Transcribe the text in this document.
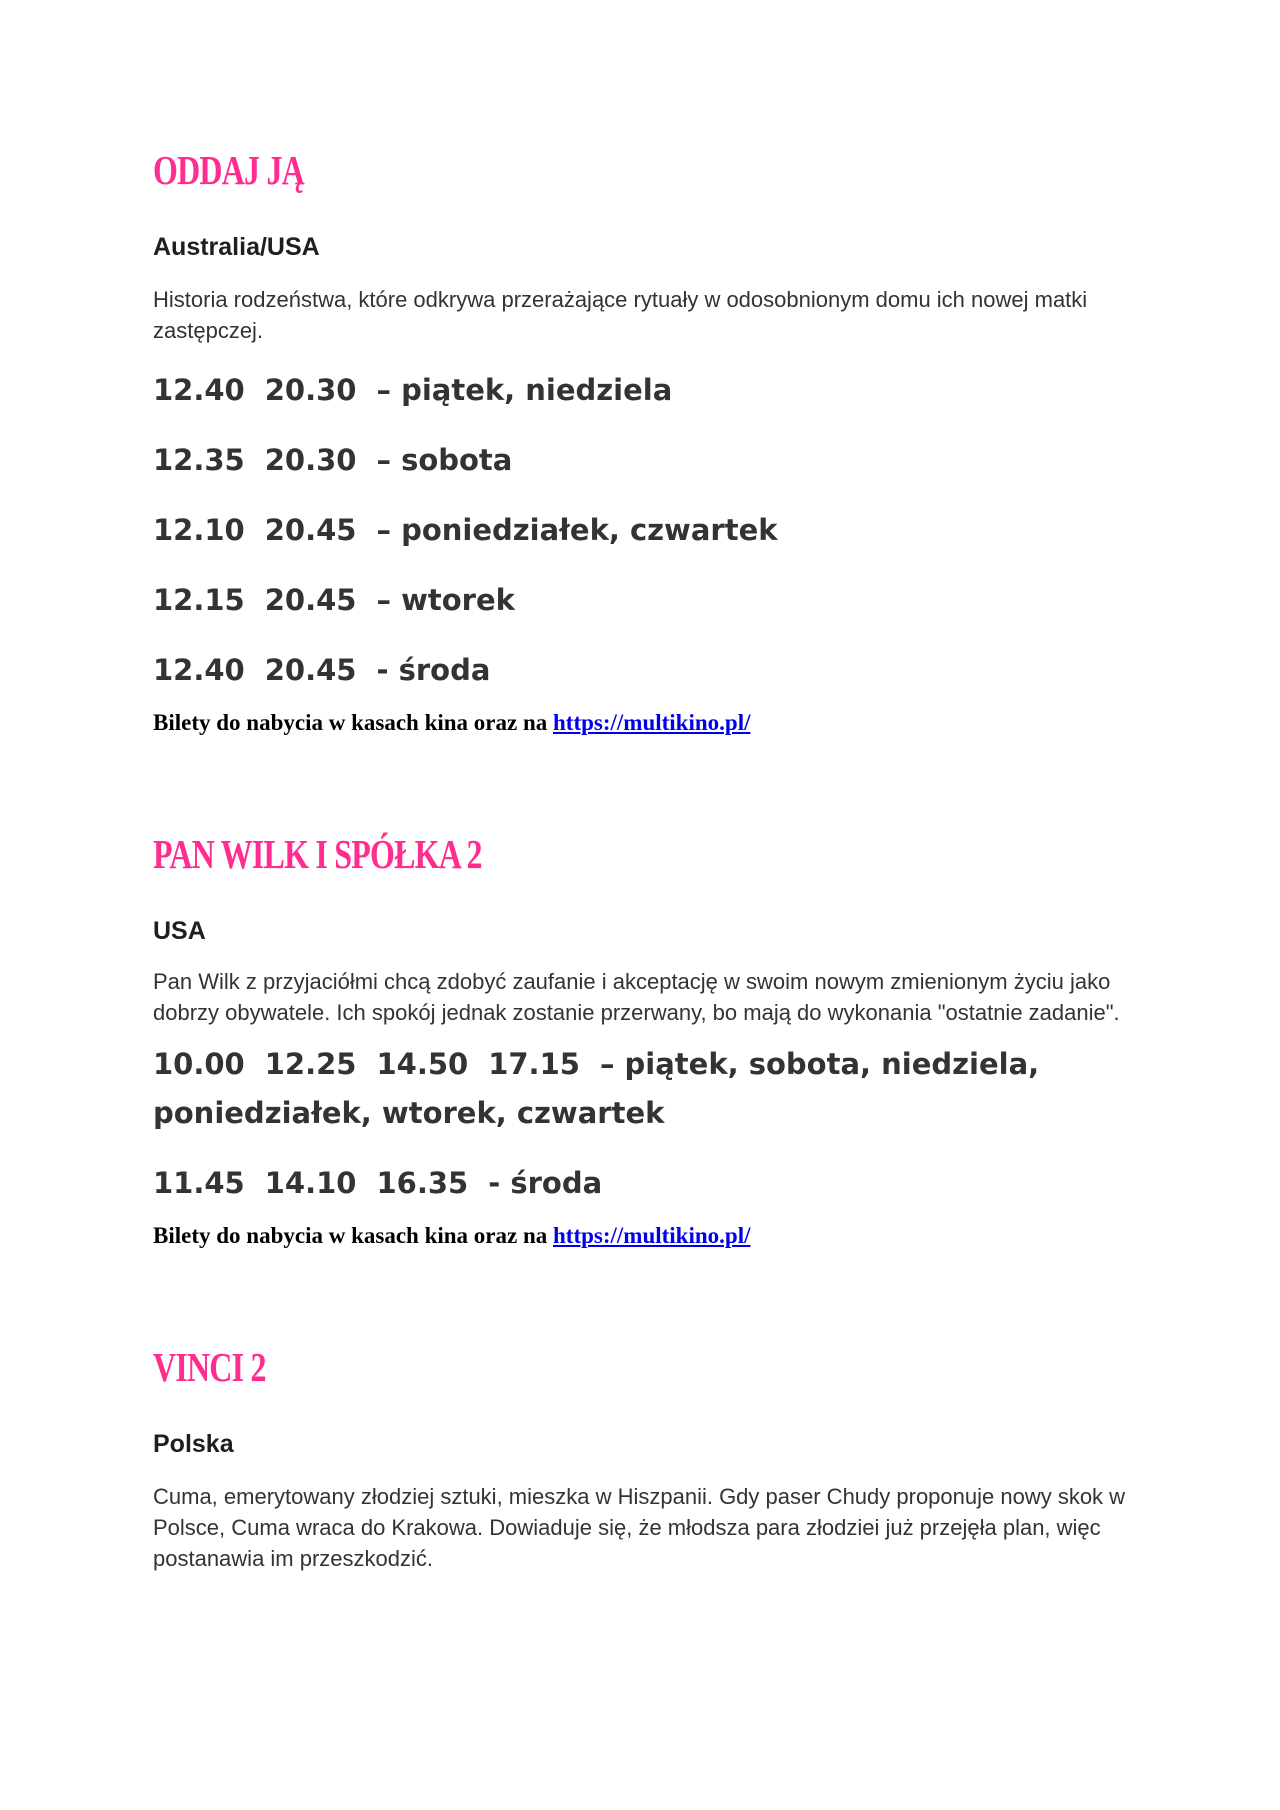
ODDAJ JĄ

Australia/USA

Historia rodzeństwa, które odkrywa przerażające rytuały w odosobnionym domu ich nowej matki zastępczej.

12.40 20.30 – piątek, niedziela
12.35 20.30 – sobota
12.10 20.45 – poniedziałek, czwartek
12.15 20.45 – wtorek
12.40 20.45 - środa

Bilety do nabycia w kasach kina oraz na https://multikino.pl/

PAN WILK I SPÓŁKA 2

USA

Pan Wilk z przyjaciółmi chcą zdobyć zaufanie i akceptację w swoim nowym zmienionym życiu jako dobrzy obywatele. Ich spokój jednak zostanie przerwany, bo mają do wykonania "ostatnie zadanie".

10.00 12.25 14.50 17.15 – piątek, sobota, niedziela, poniedziałek, wtorek, czwartek
11.45 14.10 16.35 - środa

Bilety do nabycia w kasach kina oraz na https://multikino.pl/

VINCI 2

Polska

Cuma, emerytowany złodziej sztuki, mieszka w Hiszpanii. Gdy paser Chudy proponuje nowy skok w Polsce, Cuma wraca do Krakowa. Dowiaduje się, że młodsza para złodziei już przejęła plan, więc postanawia im przeszkodzić.
